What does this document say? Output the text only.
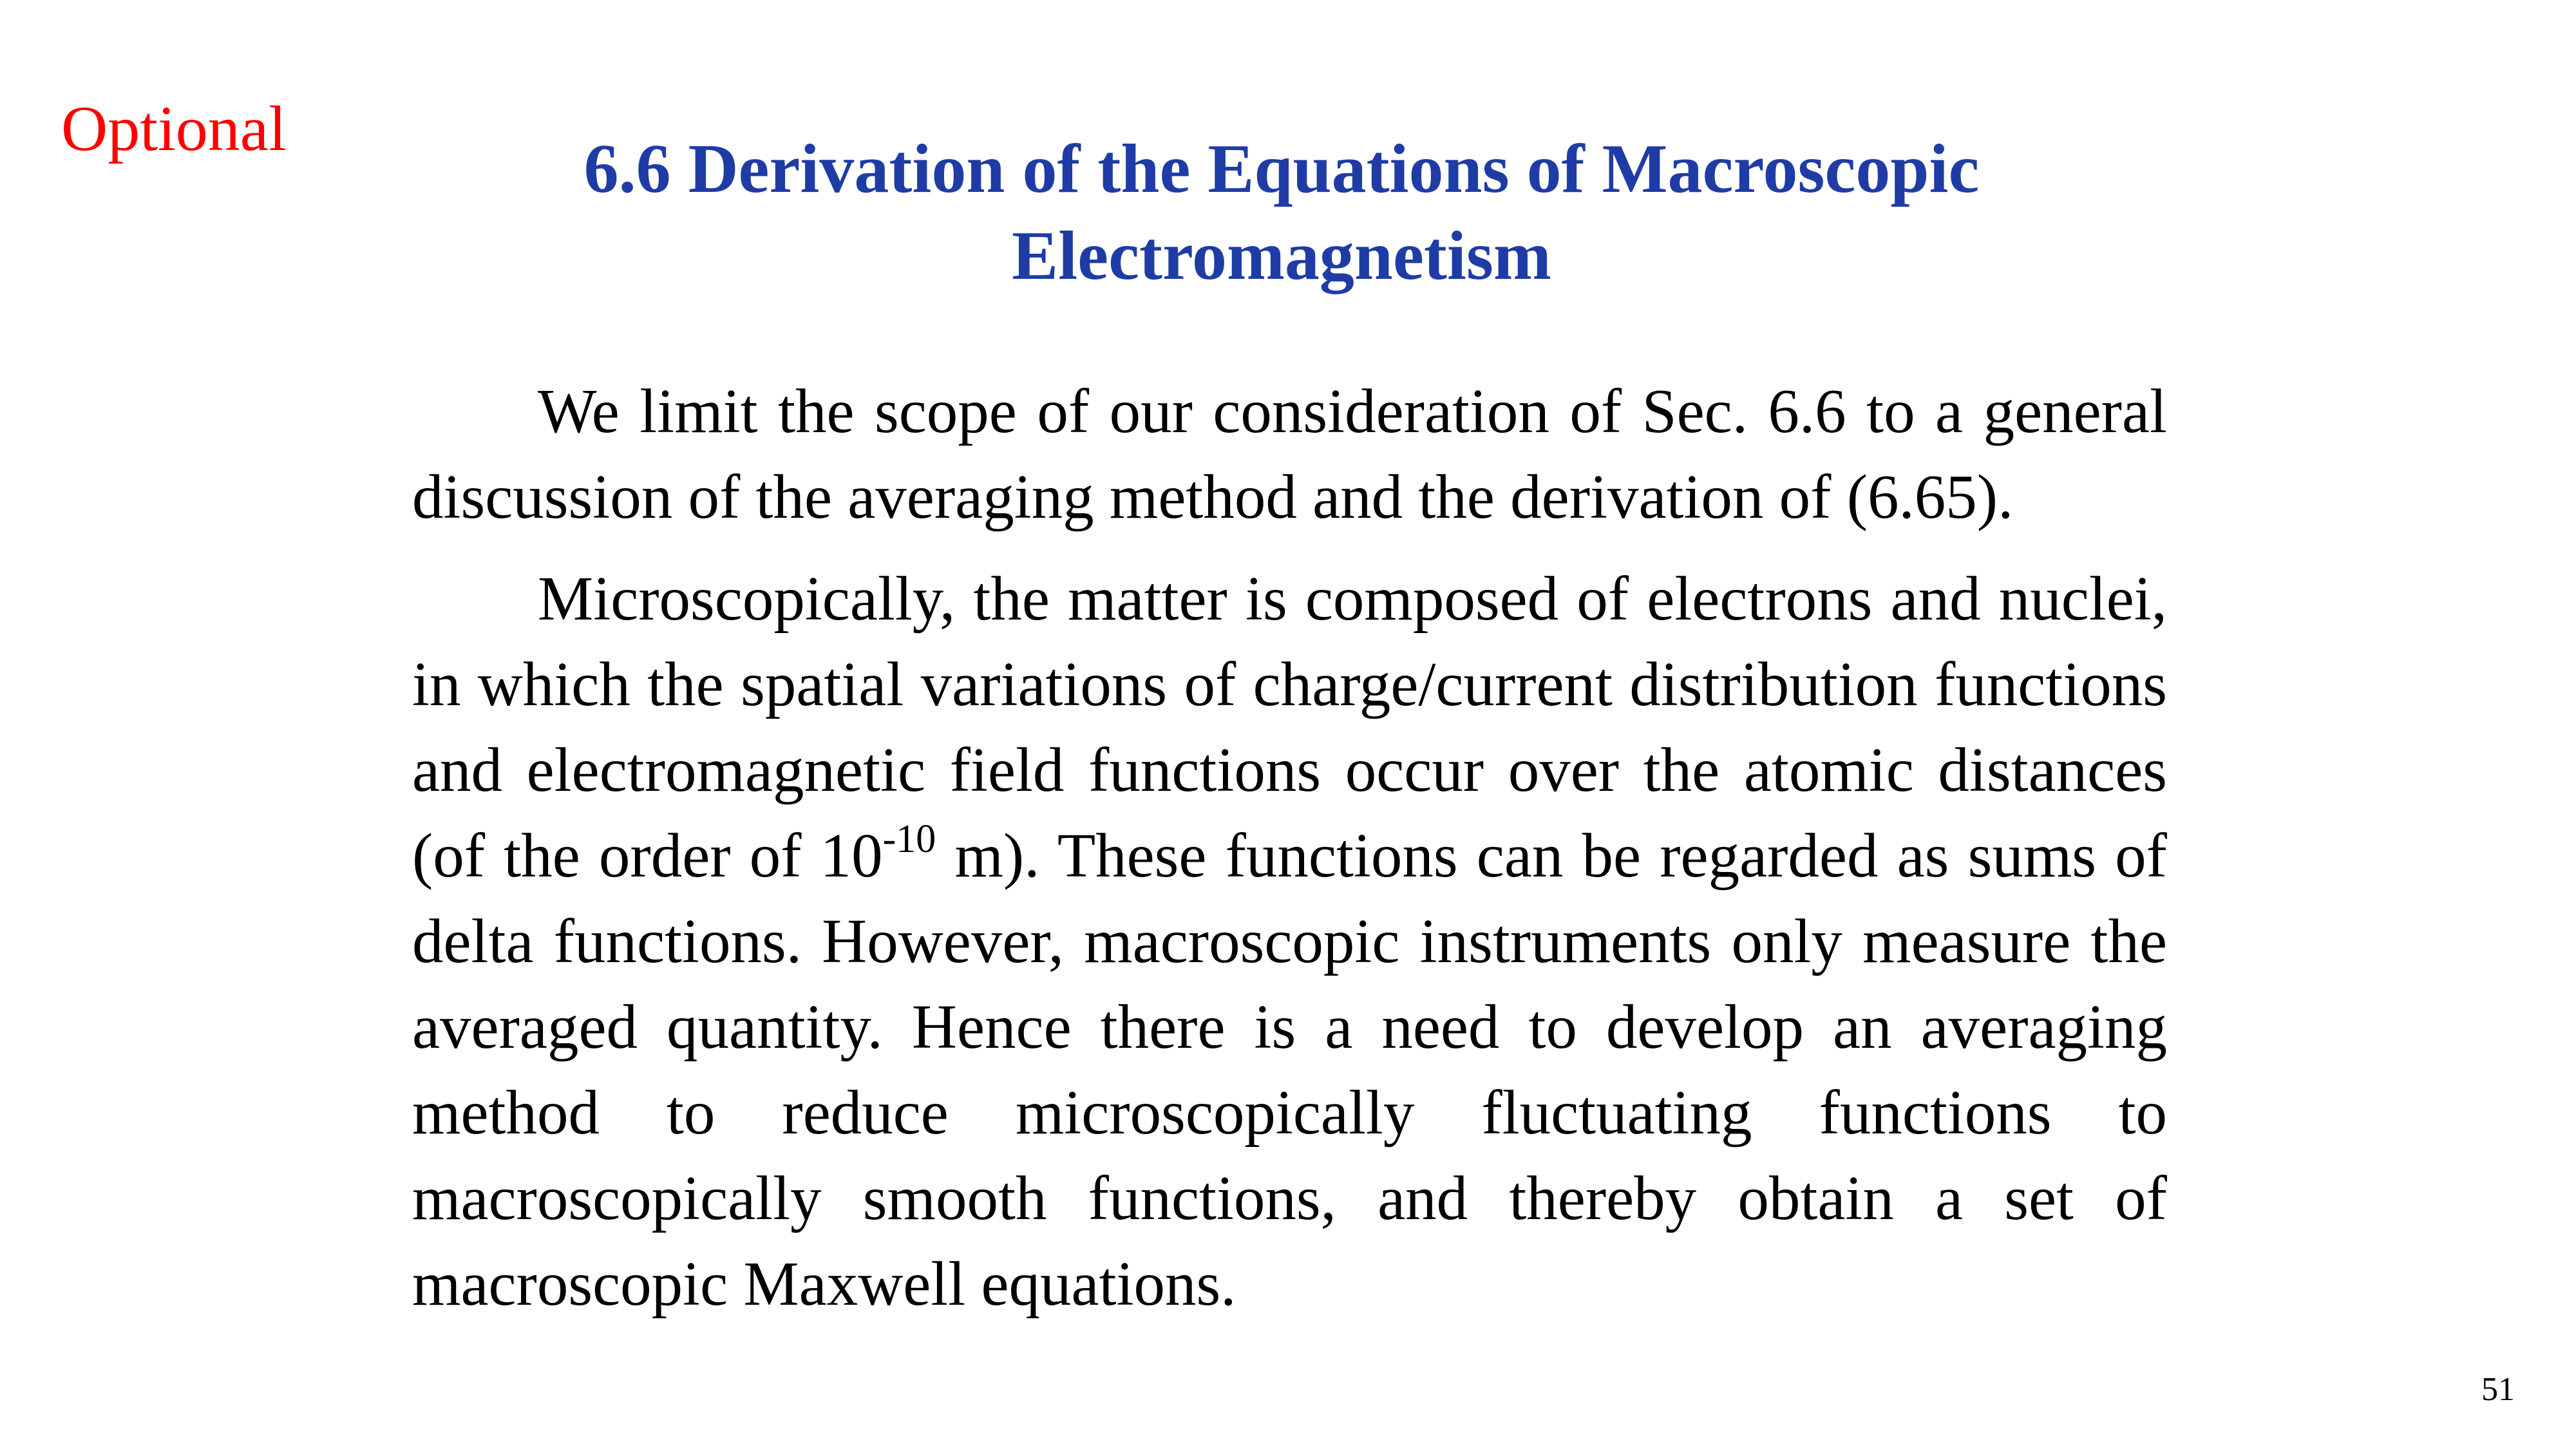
Optional
6.6 Derivation of the Equations of Macroscopic
Electromagnetism

We limit the scope of our consideration of Sec. 6.6 to a general discussion of the averaging method and the derivation of (6.65).

Microscopically, the matter is composed of electrons and nuclei, in which the spatial variations of charge/current distribution functions and electromagnetic field functions occur over the atomic distances (of the order of $10^{-10}$ m). These functions can be regarded as sums of delta functions. However, macroscopic instruments only measure the averaged quantity. Hence there is a need to develop an averaging method to reduce microscopically fluctuating functions to macroscopically smooth functions, and thereby obtain a set of macroscopic Maxwell equations.

51
